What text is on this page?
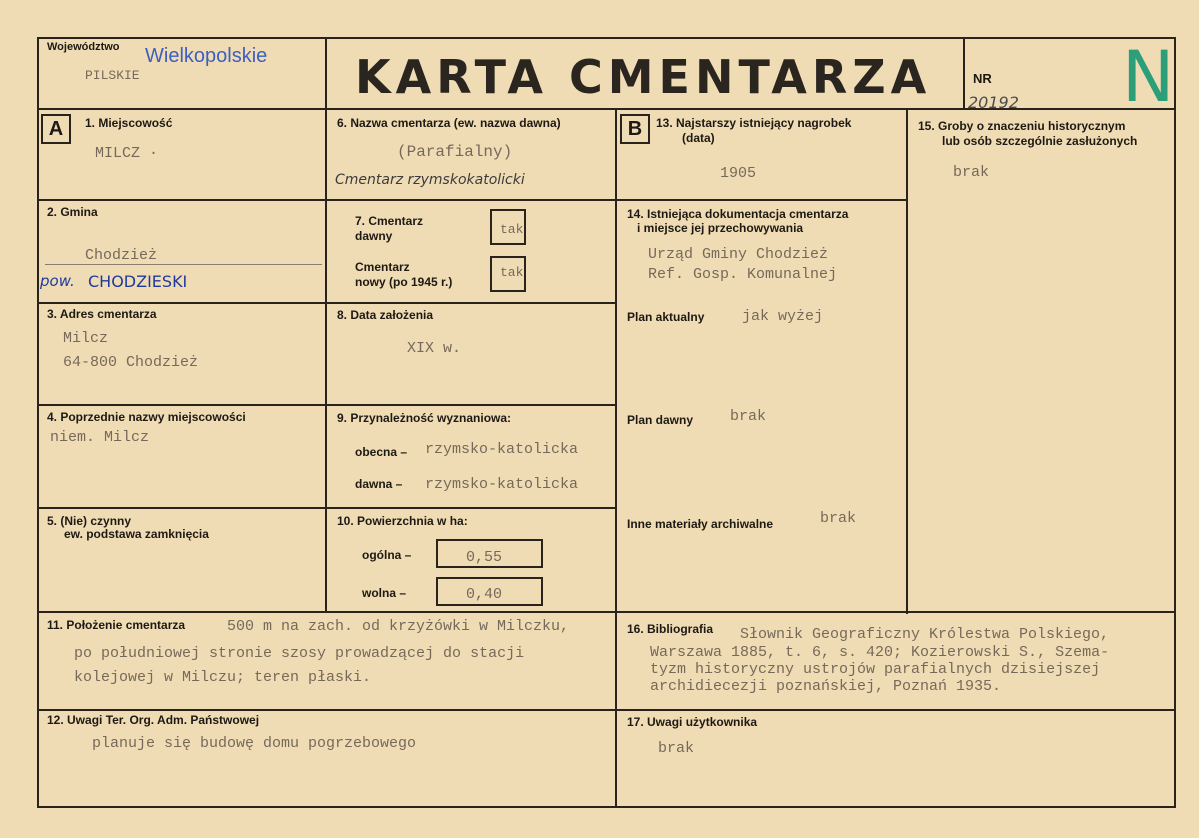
Województwo Wielkopolskie
PILSKIE	KARTA CMENTARZA	NR N
20192
A	B
1. Miejscowość
MILCZ ·
2. Gmina
Chodzież
pow. CHODZIESKI
3. Adres cmentarza
Milcz
64-800 Chodzież
4. Poprzednie nazwy miejscowości
niem. Milcz
5. (Nie) czynny
ew. podstawa zamknięcia
6. Nazwa cmentarza (ew. nazwa dawna)
(Parafialny)
Cmentarz rzymskokatolicki
7. Cmentarz
dawny	tak
Cmentarz
nowy (po 1945 r.)
tak
8. Data założenia
XIX w.
9. Przynależność wyznaniowa:
obecna – rzymsko-katolicka
dawna – rzymsko-katolicka
10. Powierzchnia w ha:
ogólna –	0,55
wolna –	0,40
11. Położenie cmentarza	500 m na zach. od krzyżówki w Milczku,
po południowej stronie szosy prowadzącej do stacji
kolejowej w Milczu; teren płaski.
12. Uwagi Ter. Org. Adm. Państwowej
planuje się budowę domu pogrzebowego
13. Najstarszy istniejący nagrobek
(data)
1905
14. Istniejąca dokumentacja cmentarza
i miejsce jej przechowywania
Urząd Gminy Chodzież
Ref. Gosp. Komunalnej
Plan aktualny	jak wyżej
Plan dawny brak
Inne materiały archiwalne	brak
15. Groby o znaczeniu historycznym
lub osób szczególnie zasłużonych
brak
16. Bibliografia Słownik Geograficzny Królestwa Polskiego,
Warszawa 1885, t. 6, s. 420; Kozierowski S., Szema-
tyzm historyczny ustrojów parafialnych dzisiejszej
archidiecezji poznańskiej, Poznań 1935.
17. Uwagi użytkownika
brak
